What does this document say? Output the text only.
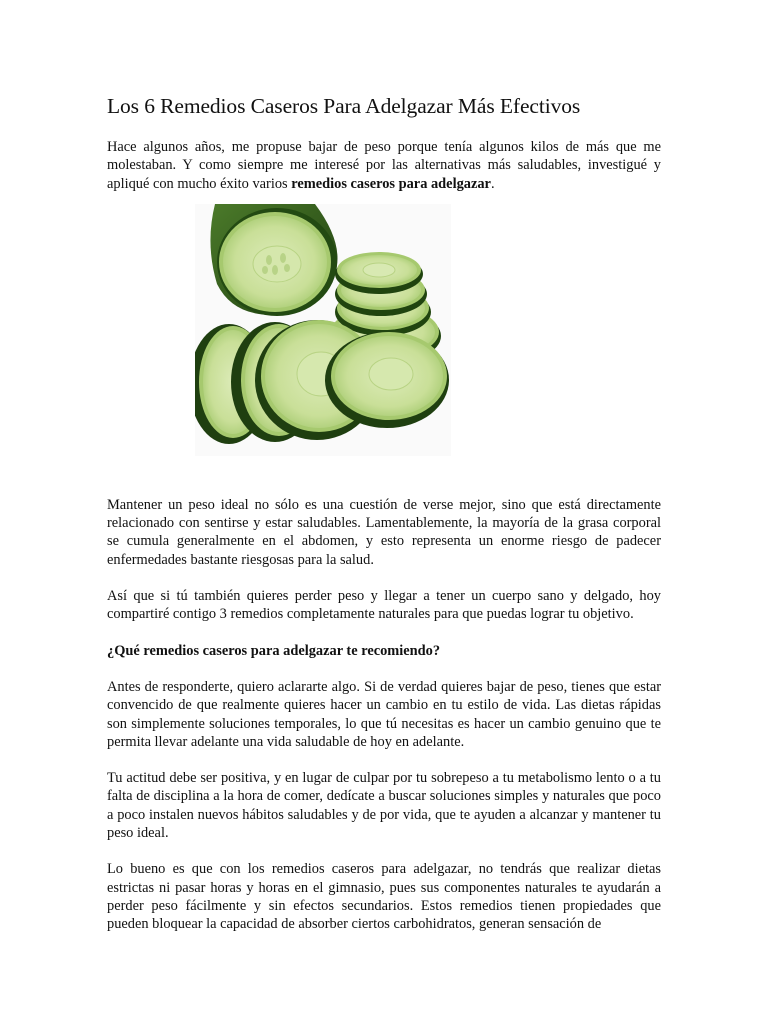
Los 6 Remedios Caseros Para Adelgazar Más Efectivos

Hace algunos años, me propuse bajar de peso porque tenía algunos kilos de más que me molestaban. Y como siempre me interesé por las alternativas más saludables, investigué y apliqué con mucho éxito varios remedios caseros para adelgazar.

Mantener un peso ideal no sólo es una cuestión de verse mejor, sino que está directamente relacionado con sentirse y estar saludables. Lamentablemente, la mayoría de la grasa corporal se cumula generalmente en el abdomen, y esto representa un enorme riesgo de padecer enfermedades bastante riesgosas para la salud.

Así que si tú también quieres perder peso y llegar a tener un cuerpo sano y delgado, hoy compartiré contigo 3 remedios completamente naturales para que puedas lograr tu objetivo.

¿Qué remedios caseros para adelgazar te recomiendo?

Antes de responderte, quiero aclararte algo. Si de verdad quieres bajar de peso, tienes que estar convencido de que realmente quieres hacer un cambio en tu estilo de vida. Las dietas rápidas son simplemente soluciones temporales, lo que tú necesitas es hacer un cambio genuino que te permita llevar adelante una vida saludable de hoy en adelante.

Tu actitud debe ser positiva, y en lugar de culpar por tu sobrepeso a tu metabolismo lento o a tu falta de disciplina a la hora de comer, dedícate a buscar soluciones simples y naturales que poco a poco instalen nuevos hábitos saludables y de por vida, que te ayuden a alcanzar y mantener tu peso ideal.

Lo bueno es que con los remedios caseros para adelgazar, no tendrás que realizar dietas estrictas ni pasar horas y horas en el gimnasio, pues sus componentes naturales te ayudarán a perder peso fácilmente y sin efectos secundarios. Estos remedios tienen propiedades que pueden bloquear la capacidad de absorber ciertos carbohidratos, generan sensación de
